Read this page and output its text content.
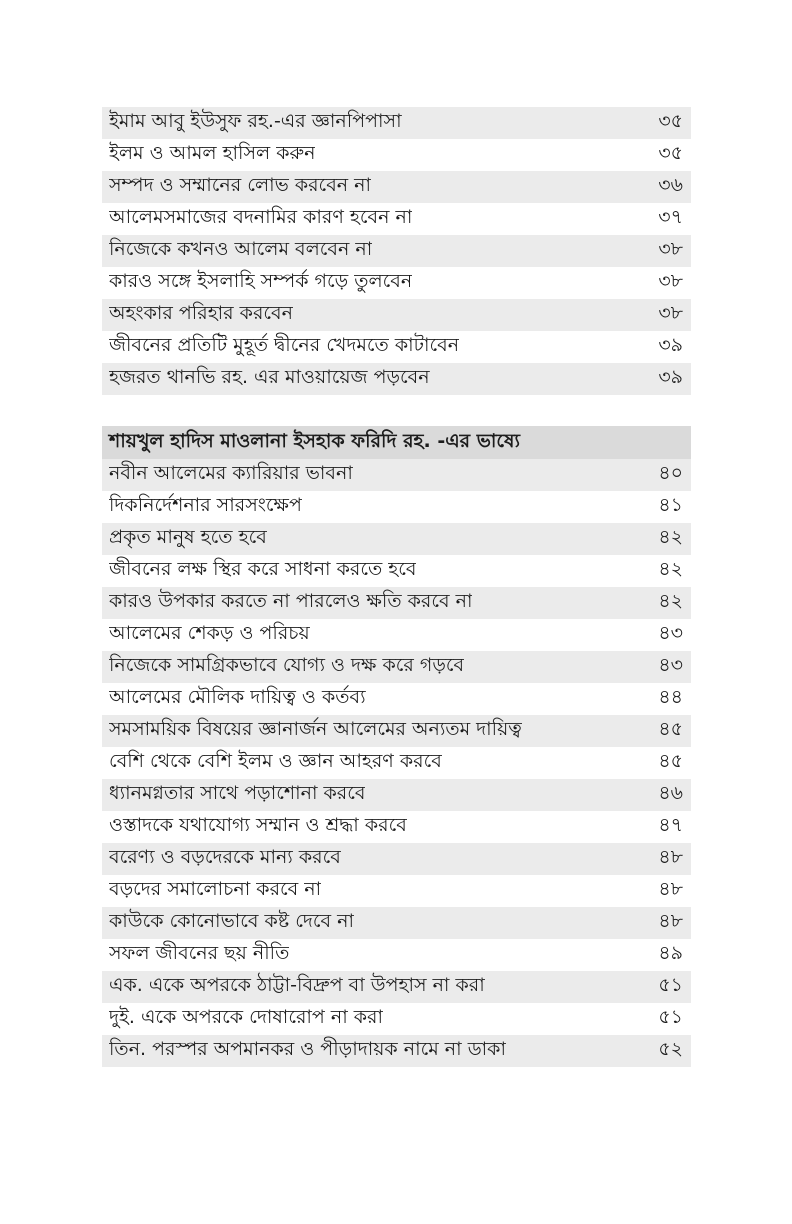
ইমাম আবু ইউসুফ রহ.-এর জ্ঞানপিপাসা	৩৫
ইলম ও আমল হাসিল করুন	৩৫
সম্পদ ও সম্মানের লোভ করবেন না	৩৬
আলেমসমাজের বদনামির কারণ হবেন না	৩৭
নিজেকে কখনও আলেম বলবেন না	৩৮
কারও সঙ্গে ইসলাহি সম্পর্ক গড়ে তুলবেন	৩৮
অহংকার পরিহার করবেন	৩৮
জীবনের প্রতিটি মুহূর্ত দ্বীনের খেদমতে কাটাবেন	৩৯
হজরত থানভি রহ. এর মাওয়ায়েজ পড়বেন	৩৯
শায়খুল হাদিস মাওলানা ইসহাক ফরিদি রহ. -এর ভাষ্যে
নবীন আলেমের ক্যারিয়ার ভাবনা	৪০
দিকনির্দেশনার সারসংক্ষেপ	৪১
প্রকৃত মানুষ হতে হবে	৪২
জীবনের লক্ষ স্থির করে সাধনা করতে হবে	৪২
কারও উপকার করতে না পারলেও ক্ষতি করবে না	৪২
আলেমের শেকড় ও পরিচয়	৪৩
নিজেকে সামগ্রিকভাবে যোগ্য ও দক্ষ করে গড়বে	৪৩
আলেমের মৌলিক দায়িত্ব ও কর্তব্য	৪৪
সমসাময়িক বিষয়ের জ্ঞানার্জন আলেমের অন্যতম দায়িত্ব	৪৫
বেশি থেকে বেশি ইলম ও জ্ঞান আহরণ করবে	৪৫
ধ্যানমগ্নতার সাথে পড়াশোনা করবে	৪৬
ওস্তাদকে যথাযোগ্য সম্মান ও শ্রদ্ধা করবে	৪৭
বরেণ্য ও বড়দেরকে মান্য করবে	৪৮
বড়দের সমালোচনা করবে না	৪৮
কাউকে কোনোভাবে কষ্ট দেবে না	৪৮
সফল জীবনের ছয় নীতি	৪৯
এক. একে অপরকে ঠাট্টা-বিদ্রুপ বা উপহাস না করা	৫১
দুই. একে অপরকে দোষারোপ না করা	৫১
তিন. পরস্পর অপমানকর ও পীড়াদায়ক নামে না ডাকা	৫২
